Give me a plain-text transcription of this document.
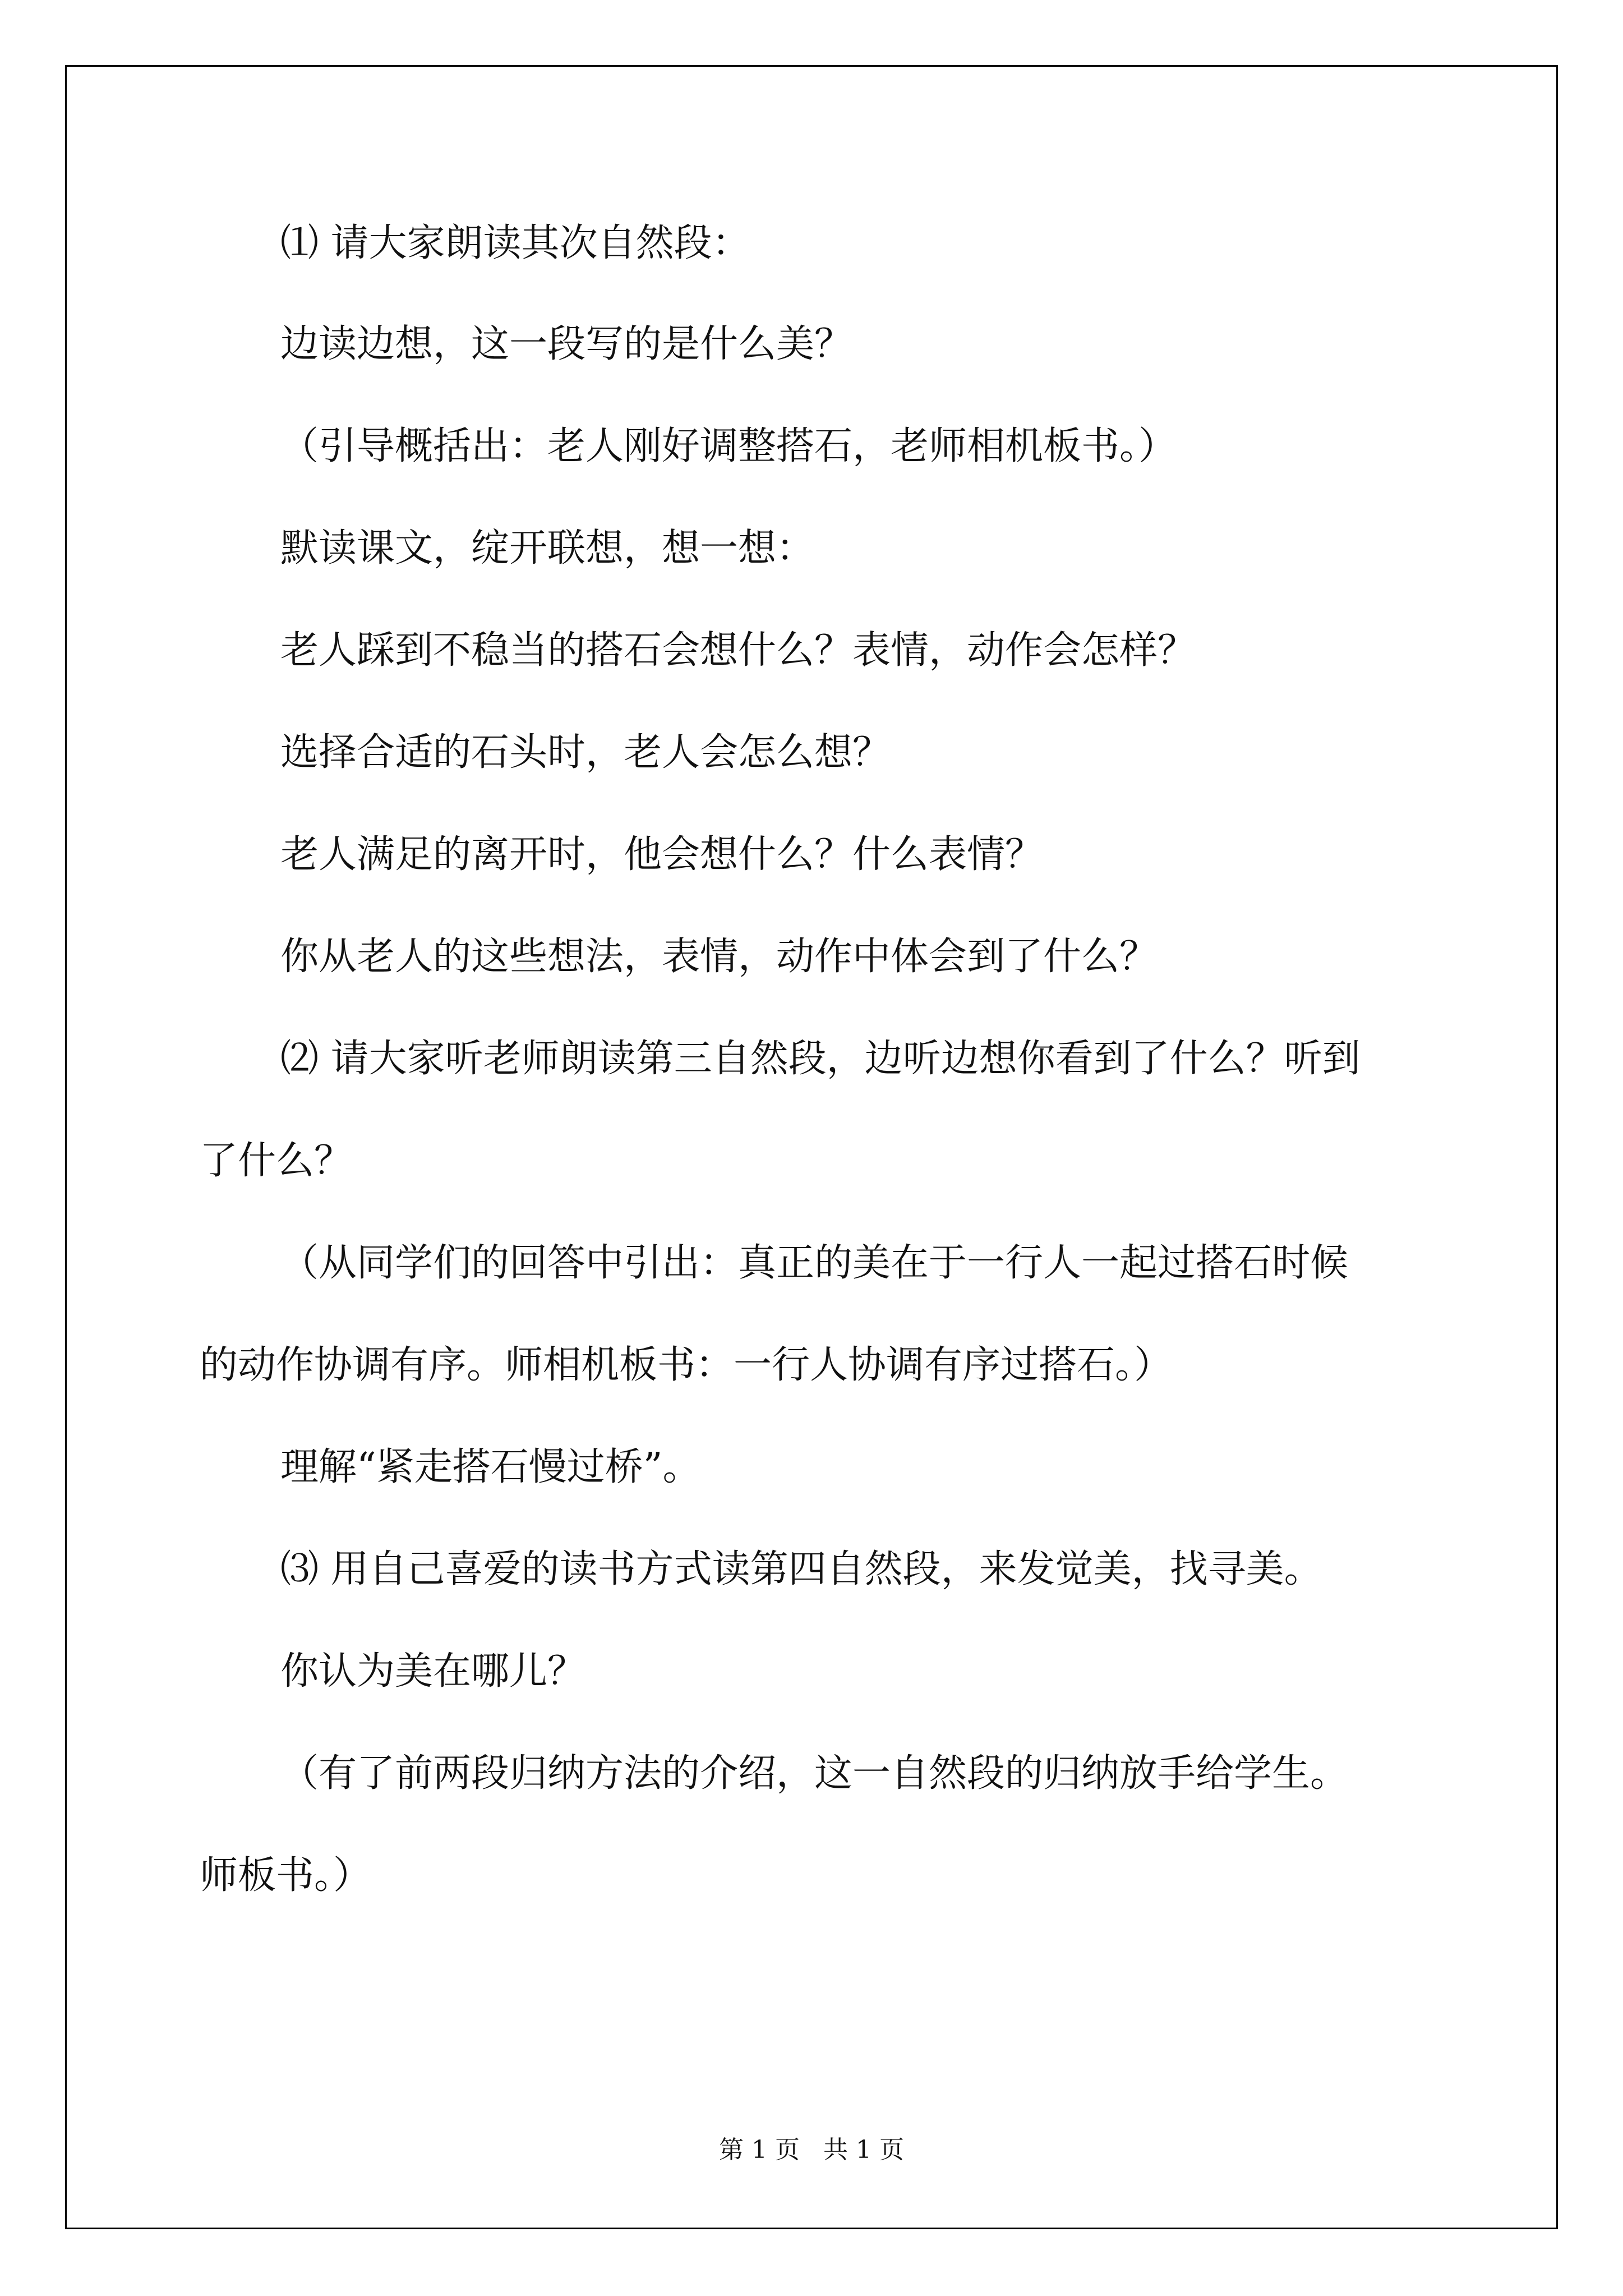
⑴ 请大家朗读其次自然段：
边读边想，这一段写的是什么美？
（引导概括出：老人刚好调整搭石，老师相机板书。）
默读课文，绽开联想，想一想：
老人踩到不稳当的搭石会想什么？表情，动作会怎样？
选择合适的石头时，老人会怎么想？
老人满足的离开时，他会想什么？什么表情？
你从老人的这些想法，表情，动作中体会到了什么？
⑵ 请大家听老师朗读第三自然段，边听边想你看到了什么？听到
了什么？
（从同学们的回答中引出：真正的美在于一行人一起过搭石时候
的动作协调有序。师相机板书：一行人协调有序过搭石。）
理解“紧走搭石慢过桥”。
⑶ 用自己喜爱的读书方式读第四自然段，来发觉美，找寻美。
你认为美在哪儿？
（有了前两段归纳方法的介绍，这一自然段的归纳放手给学生。
师板书。）
第 1 页 共 1 页
